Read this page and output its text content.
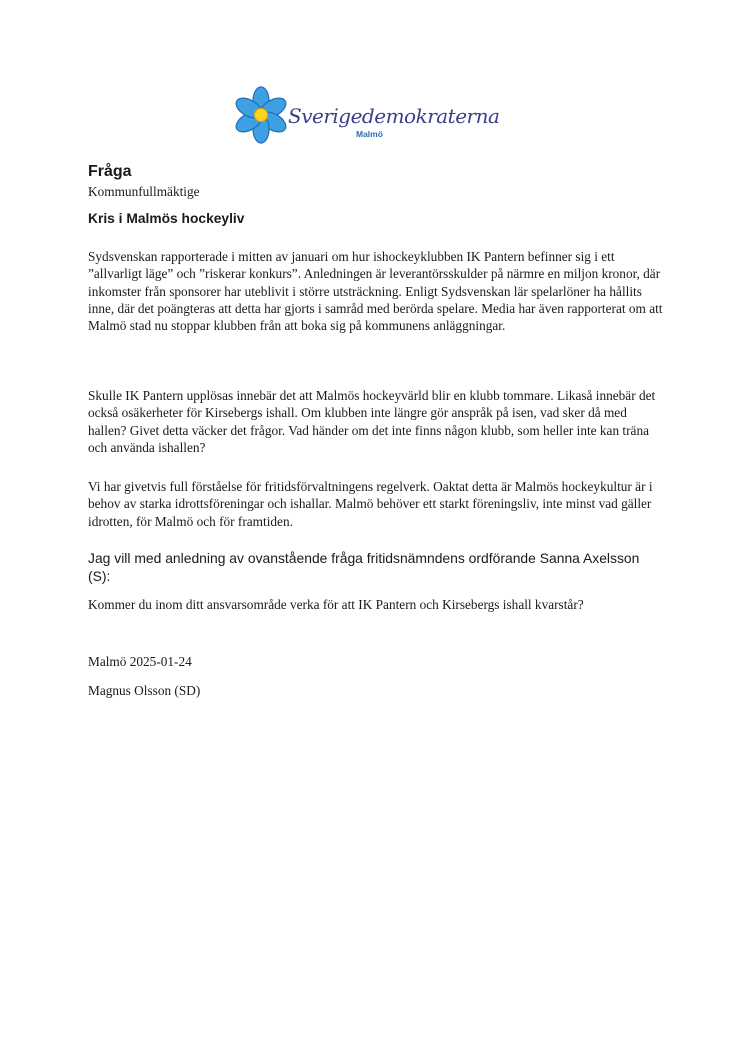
Sverigedemokraterna
Malmö
Fråga
Kommunfullmäktige
Kris i Malmös hockeyliv

Sydsvenskan rapporterade i mitten av januari om hur ishockeyklubben IK Pantern befinner sig i ett ”allvarligt läge” och ”riskerar konkurs”. Anledningen är leverantörsskulder på närmre en miljon kronor, där inkomster från sponsorer har uteblivit i större utsträckning. Enligt Sydsvenskan lär spelarlöner ha hållits inne, där det poängteras att detta har gjorts i samråd med berörda spelare. Media har även rapporterat om att Malmö stad nu stoppar klubben från att boka sig på kommunens anläggningar.

Skulle IK Pantern upplösas innebär det att Malmös hockeyvärld blir en klubb tommare. Likaså innebär det också osäkerheter för Kirsebergs ishall. Om klubben inte längre gör anspråk på isen, vad sker då med hallen? Givet detta väcker det frågor. Vad händer om det inte finns någon klubb, som heller inte kan träna och använda ishallen?

Vi har givetvis full förståelse för fritidsförvaltningens regelverk. Oaktat detta är Malmös hockeykultur är i behov av starka idrottsföreningar och ishallar. Malmö behöver ett starkt föreningsliv, inte minst vad gäller idrotten, för Malmö och för framtiden.

Jag vill med anledning av ovanstående fråga fritidsnämndens ordförande Sanna Axelsson (S):

Kommer du inom ditt ansvarsområde verka för att IK Pantern och Kirsebergs ishall kvarstår?
Malmö 2025-01-24
Magnus Olsson (SD)
